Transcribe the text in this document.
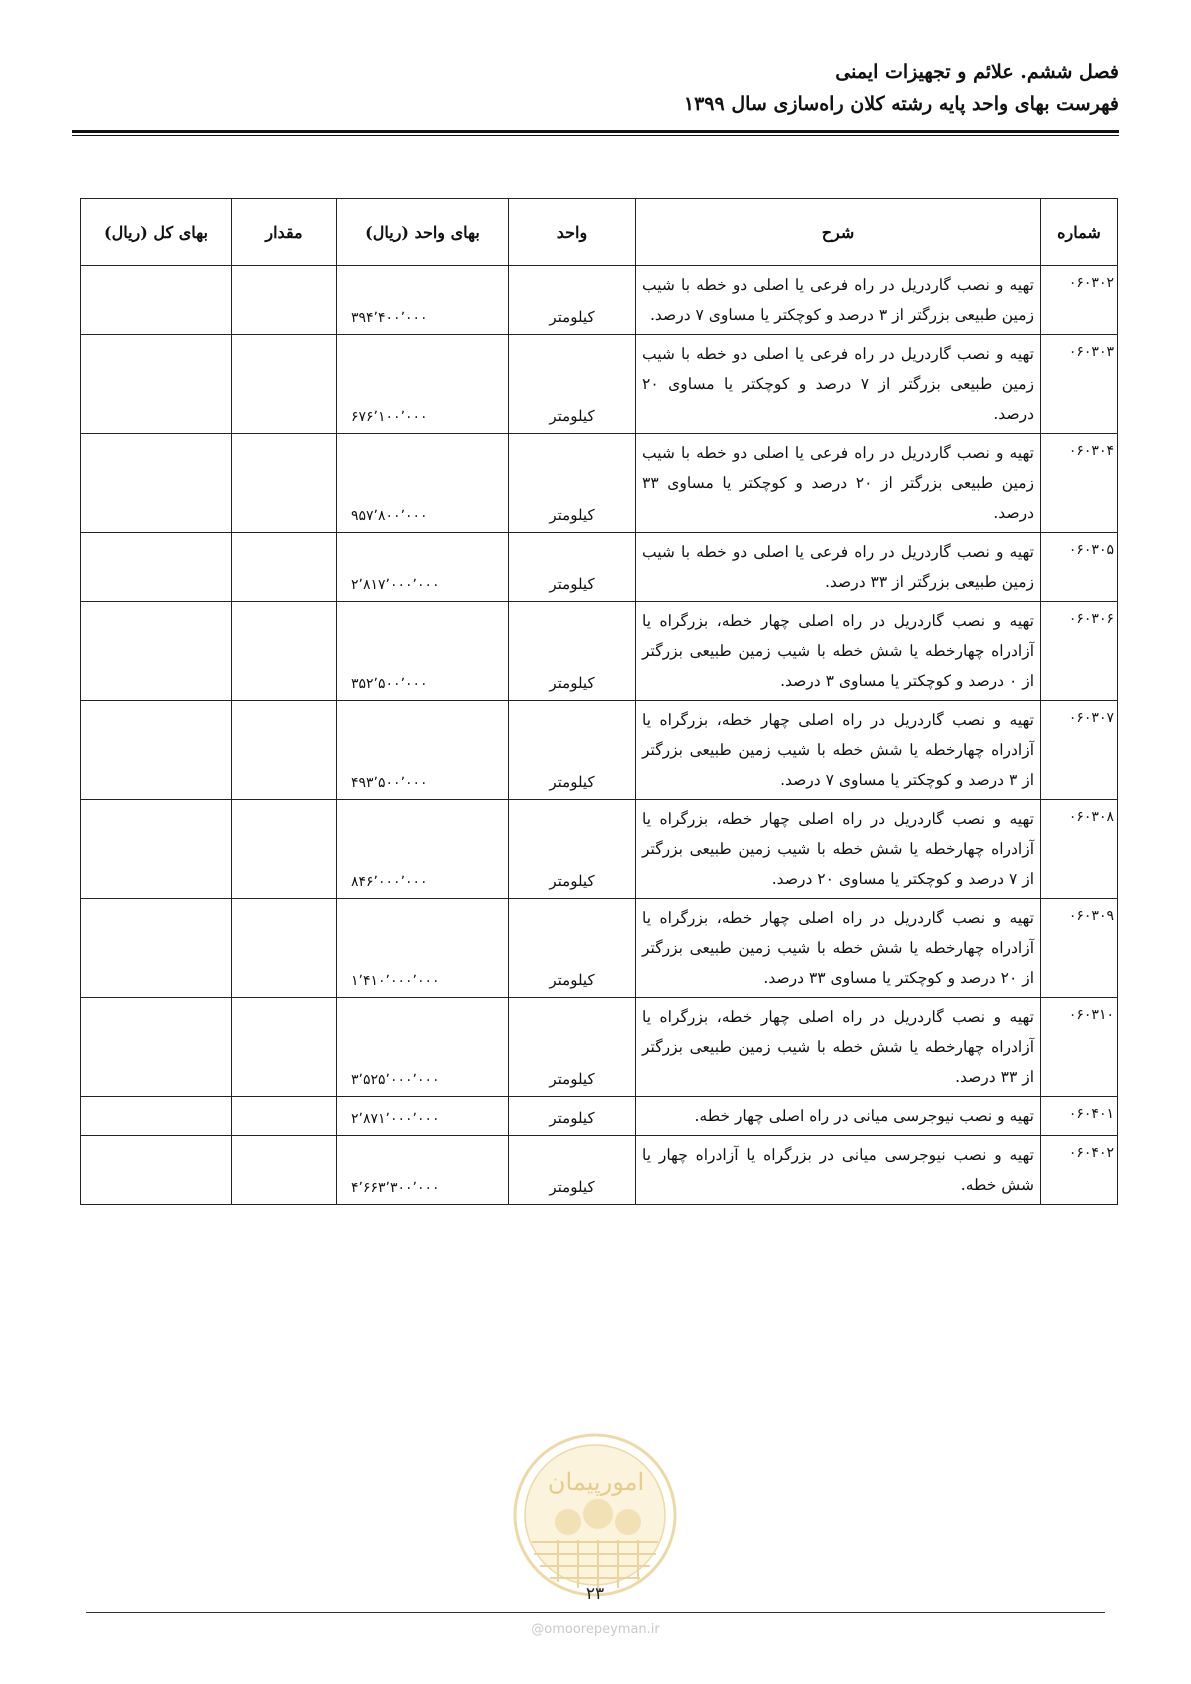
فصل ششم. علائم و تجهیزات ایمنی
فهرست بهای واحد پایه رشته کلان راه‌سازی سال ۱۳۹۹
شماره	شرح	واحد	بهای واحد (ریال)	مقدار	بهای کل (ریال)
۰۶۰۳۰۲	تهیه و نصب گاردریل در راه فرعی یا اصلی دو خطه با شیب زمین طبیعی بزرگتر از ۳ درصد و کوچکتر یا مساوی ۷ درصد.	کیلومتر	۳۹۴٬۴۰۰٬۰۰۰		
۰۶۰۳۰۳	تهیه و نصب گاردریل در راه فرعی یا اصلی دو خطه با شیب زمین طبیعی بزرگتر از ۷ درصد و کوچکتر یا مساوی ۲۰ درصد.	کیلومتر	۶۷۶٬۱۰۰٬۰۰۰		
۰۶۰۳۰۴	تهیه و نصب گاردریل در راه فرعی یا اصلی دو خطه با شیب زمین طبیعی بزرگتر از ۲۰ درصد و کوچکتر یا مساوی ۳۳ درصد.	کیلومتر	۹۵۷٬۸۰۰٬۰۰۰		
۰۶۰۳۰۵	تهیه و نصب گاردریل در راه فرعی یا اصلی دو خطه با شیب زمین طبیعی بزرگتر از ۳۳ درصد.	کیلومتر	۲٬۸۱۷٬۰۰۰٬۰۰۰		
۰۶۰۳۰۶	تهیه و نصب گاردریل در راه اصلی چهار خطه، بزرگراه یا آزادراه چهارخطه یا شش خطه با شیب زمین طبیعی بزرگتر از ۰ درصد و کوچکتر یا مساوی ۳ درصد.	کیلومتر	۳۵۲٬۵۰۰٬۰۰۰		
۰۶۰۳۰۷	تهیه و نصب گاردریل در راه اصلی چهار خطه، بزرگراه یا آزادراه چهارخطه یا شش خطه با شیب زمین طبیعی بزرگتر از ۳ درصد و کوچکتر یا مساوی ۷ درصد.	کیلومتر	۴۹۳٬۵۰۰٬۰۰۰		
۰۶۰۳۰۸	تهیه و نصب گاردریل در راه اصلی چهار خطه، بزرگراه یا آزادراه چهارخطه یا شش خطه با شیب زمین طبیعی بزرگتر از ۷ درصد و کوچکتر یا مساوی ۲۰ درصد.	کیلومتر	۸۴۶٬۰۰۰٬۰۰۰		
۰۶۰۳۰۹	تهیه و نصب گاردریل در راه اصلی چهار خطه، بزرگراه یا آزادراه چهارخطه یا شش خطه با شیب زمین طبیعی بزرگتر از ۲۰ درصد و کوچکتر یا مساوی ۳۳ درصد.	کیلومتر	۱٬۴۱۰٬۰۰۰٬۰۰۰		
۰۶۰۳۱۰	تهیه و نصب گاردریل در راه اصلی چهار خطه، بزرگراه یا آزادراه چهارخطه یا شش خطه با شیب زمین طبیعی بزرگتر از ۳۳ درصد.	کیلومتر	۳٬۵۲۵٬۰۰۰٬۰۰۰		
۰۶۰۴۰۱	تهیه و نصب نیوجرسی میانی در راه اصلی چهار خطه.	کیلومتر	۲٬۸۷۱٬۰۰۰٬۰۰۰		
۰۶۰۴۰۲	تهیه و نصب نیوجرسی میانی در بزرگراه یا آزادراه چهار یا شش خطه.	کیلومتر	۴٬۶۶۳٬۳۰۰٬۰۰۰		
امورپیمان
۲۳
@omoorepeyman.ir
